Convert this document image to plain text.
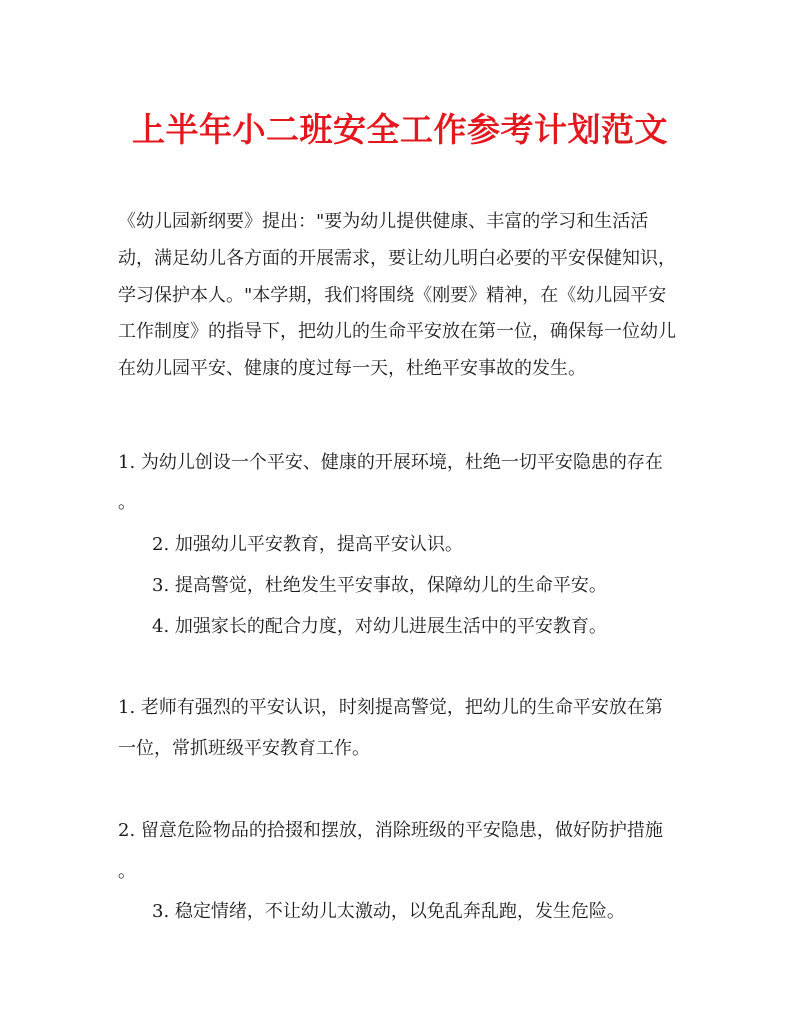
上半年小二班安全工作参考计划范文

《幼儿园新纲要》提出："要为幼儿提供健康、丰富的学习和生活活动，满足幼儿各方面的开展需求，要让幼儿明白必要的平安保健知识，学习保护本人。"本学期，我们将围绕《刚要》精神，在《幼儿园平安工作制度》的指导下，把幼儿的生命平安放在第一位，确保每一位幼儿在幼儿园平安、健康的度过每一天，杜绝平安事故的发生。

1. 为幼儿创设一个平安、健康的开展环境，杜绝一切平安隐患的存在

。

2. 加强幼儿平安教育，提高平安认识。

3. 提高警觉，杜绝发生平安事故，保障幼儿的生命平安。

4. 加强家长的配合力度，对幼儿进展生活中的平安教育。

1. 老师有强烈的平安认识，时刻提高警觉，把幼儿的生命平安放在第

一位，常抓班级平安教育工作。

2. 留意危险物品的拾掇和摆放，消除班级的平安隐患，做好防护措施

。

3. 稳定情绪，不让幼儿太激动，以免乱奔乱跑，发生危险。
